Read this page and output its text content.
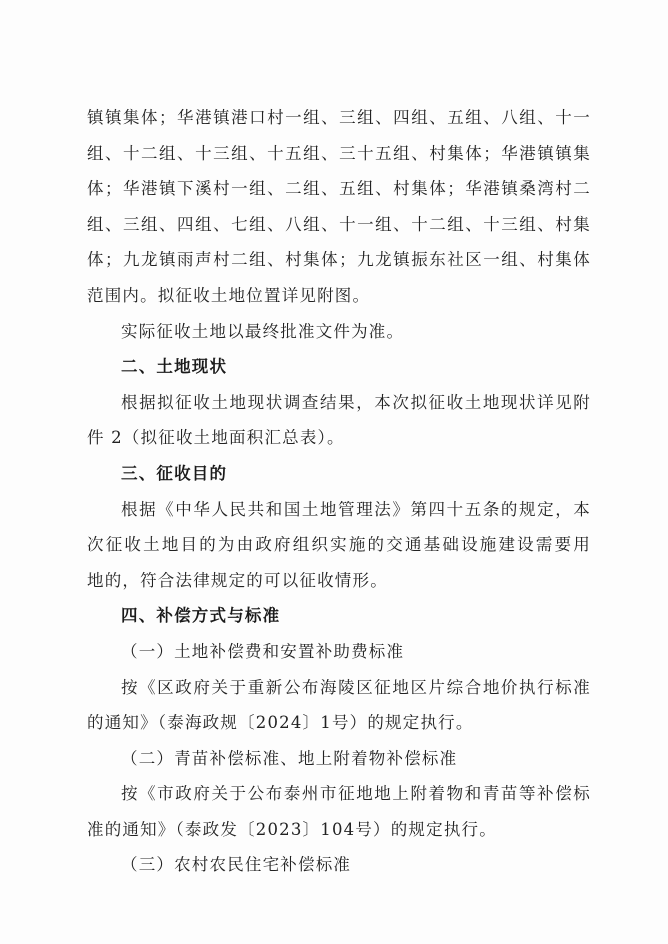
镇镇集体；华港镇港口村一组、三组、四组、五组、八组、十一
组、十二组、十三组、十五组、三十五组、村集体；华港镇镇集
体；华港镇下溪村一组、二组、五组、村集体；华港镇桑湾村二
组、三组、四组、七组、八组、十一组、十二组、十三组、村集
体；九龙镇雨声村二组、村集体；九龙镇振东社区一组、村集体
范围内。拟征收土地位置详见附图。
实际征收土地以最终批准文件为准。
二、土地现状
根据拟征收土地现状调查结果，本次拟征收土地现状详见附
件 2（拟征收土地面积汇总表）。
三、征收目的
根据《中华人民共和国土地管理法》第四十五条的规定，本
次征收土地目的为由政府组织实施的交通基础设施建设需要用
地的，符合法律规定的可以征收情形。
四、补偿方式与标准
（一）土地补偿费和安置补助费标准
按《区政府关于重新公布海陵区征地区片综合地价执行标准
的通知》（泰海政规〔2024〕1号）的规定执行。
（二）青苗补偿标准、地上附着物补偿标准
按《市政府关于公布泰州市征地地上附着物和青苗等补偿标
准的通知》（泰政发〔2023〕104号）的规定执行。
（三）农村农民住宅补偿标准
